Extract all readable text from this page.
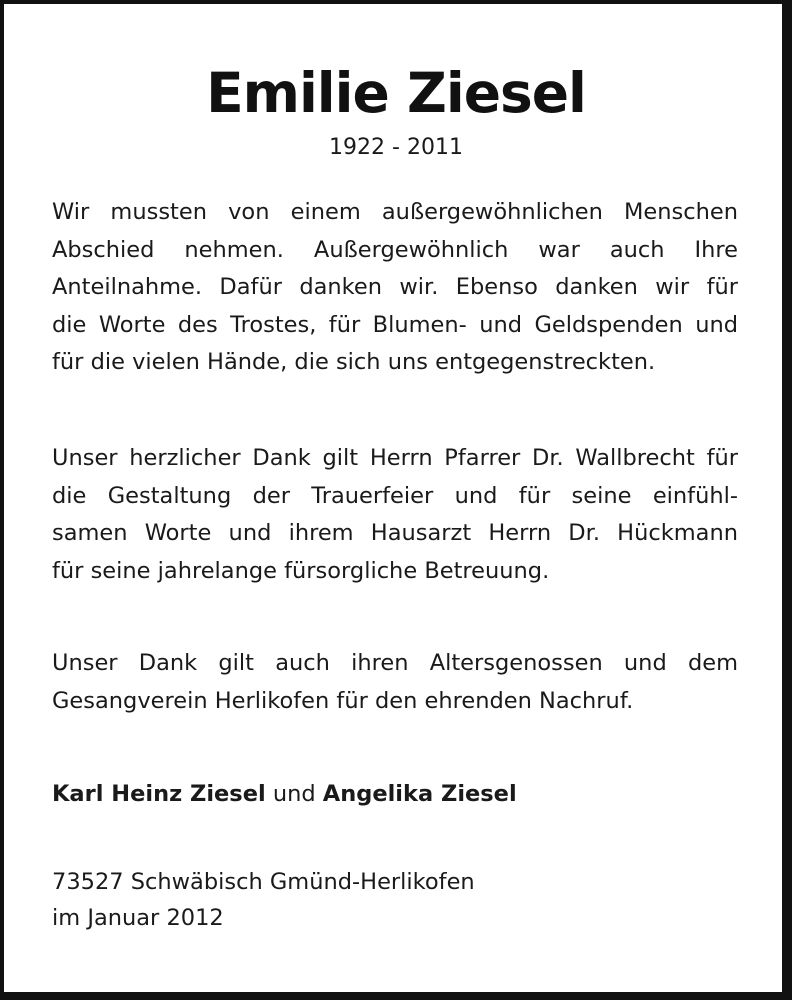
Emilie Ziesel
1922 - 2011
Wir mussten von einem außergewöhnlichen Menschen
Abschied nehmen. Außergewöhnlich war auch Ihre
Anteilnahme. Dafür danken wir. Ebenso danken wir für
die Worte des Trostes, für Blumen- und Geldspenden und
für die vielen Hände, die sich uns entgegenstreckten.
Unser herzlicher Dank gilt Herrn Pfarrer Dr. Wallbrecht für
die Gestaltung der Trauerfeier und für seine einfühl-
samen Worte und ihrem Hausarzt Herrn Dr. Hückmann
für seine jahrelange fürsorgliche Betreuung.
Unser Dank gilt auch ihren Altersgenossen und dem
Gesangverein Herlikofen für den ehrenden Nachruf.
Karl Heinz Ziesel und Angelika Ziesel
73527 Schwäbisch Gmünd-Herlikofen
im Januar 2012
